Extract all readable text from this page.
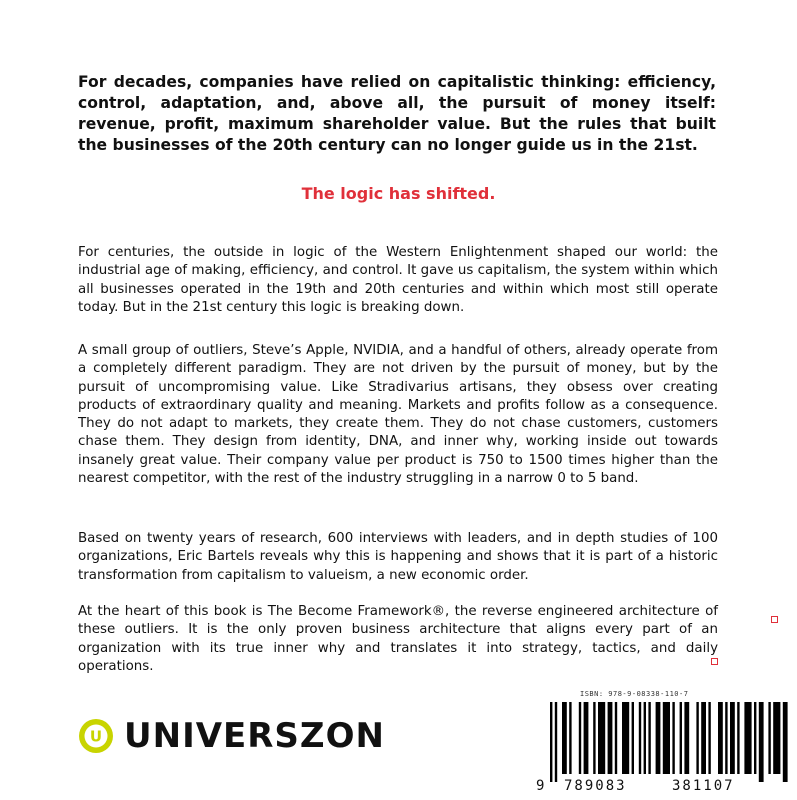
For decades, companies have relied on capitalistic thinking: efficiency, control, adaptation, and, above all, the pursuit of money itself: revenue, profit, maximum shareholder value. But the rules that built the businesses of the 20th century can no longer guide us in the 21st.

The logic has shifted.

For centuries, the outside in logic of the Western Enlightenment shaped our world: the industrial age of making, efficiency, and control. It gave us capitalism, the system within which all businesses operated in the 19th and 20th centuries and within which most still operate today. But in the 21st century this logic is breaking down.

A small group of outliers, Steve’s Apple, NVIDIA, and a handful of others, already operate from a completely different paradigm. They are not driven by the pursuit of money, but by the pursuit of uncompromising value. Like Stradivarius artisans, they obsess over creating products of extraordinary quality and meaning. Markets and profits follow as a consequence. They do not adapt to markets, they create them. They do not chase customers, customers chase them. They design from identity, DNA, and inner why, working inside out towards insanely great value. Their company value per product is 750 to 1500 times higher than the nearest competitor, with the rest of the industry struggling in a narrow 0 to 5 band.

Based on twenty years of research, 600 interviews with leaders, and in depth studies of 100 organizations, Eric Bartels reveals why this is happening and shows that it is part of a historic transformation from capitalism to valueism, a new economic order.

At the heart of this book is The Become Framework®, the reverse engineered architecture of these outliers. It is the only proven business architecture that aligns every part of an organization with its true inner why and translates it into strategy, tactics, and daily operations.

U UNIVERSZON
ISBN: 978-9-08338-110-7
9 789083	381107
